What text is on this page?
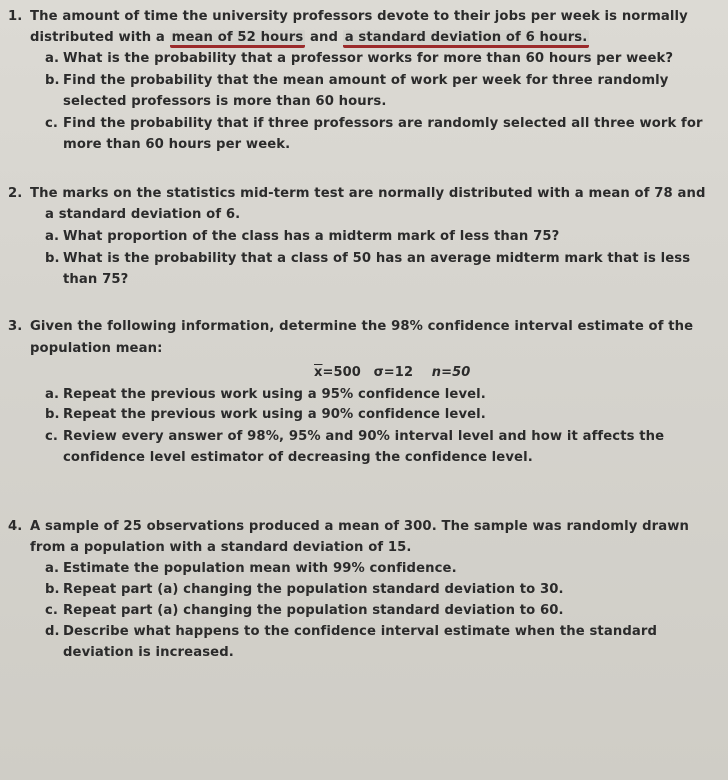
1. The amount of time the university professors devote to their jobs per week is normally
distributed with a mean of 52 hours and a standard deviation of 6 hours.
a. What is the probability that a professor works for more than 60 hours per week?
b. Find the probability that the mean amount of work per week for three randomly
selected professors is more than 60 hours.
c. Find the probability that if three professors are randomly selected all three work for
more than 60 hours per week.
2. The marks on the statistics mid-term test are normally distributed with a mean of 78 and
a standard deviation of 6.
a. What proportion of the class has a midterm mark of less than 75?
b. What is the probability that a class of 50 has an average midterm mark that is less
than 75?
3. Given the following information, determine the 98% confidence interval estimate of the
population mean:
$\overline{x}=500$ σ=12 n=50
a. Repeat the previous work using a 95% confidence level.
b. Repeat the previous work using a 90% confidence level.
c. Review every answer of 98%, 95% and 90% interval level and how it affects the
confidence level estimator of decreasing the confidence level.
4. A sample of 25 observations produced a mean of 300. The sample was randomly drawn
from a population with a standard deviation of 15.
a. Estimate the population mean with 99% confidence.
b. Repeat part (a) changing the population standard deviation to 30.
c. Repeat part (a) changing the population standard deviation to 60.
d. Describe what happens to the confidence interval estimate when the standard
deviation is increased.
